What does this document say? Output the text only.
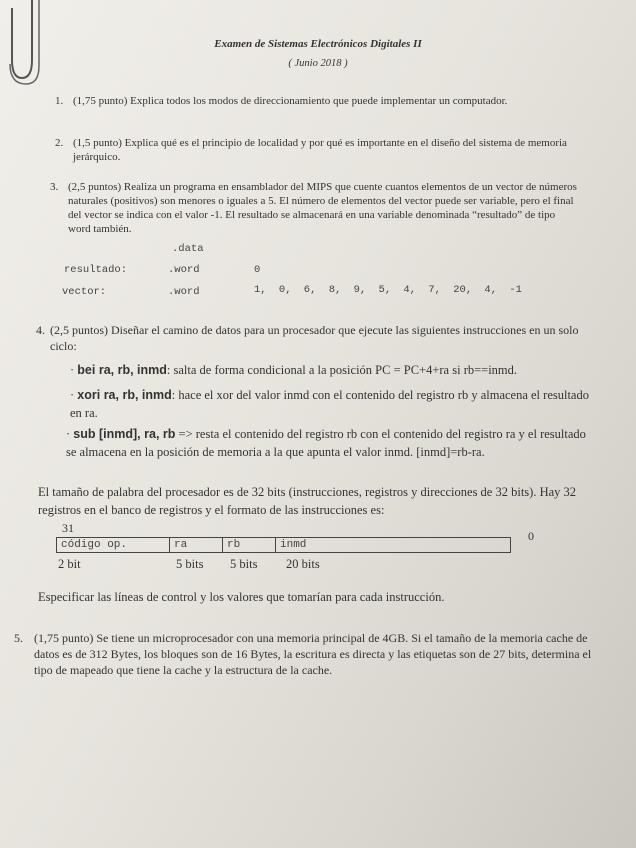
Examen de Sistemas Electrónicos Digitales II
( Junio 2018 )
1. (1,75 punto) Explica todos los modos de direccionamiento que puede implementar un computador.
2. (1,5 punto) Explica qué es el principio de localidad y por qué es importante en el diseño del sistema de memoria jerárquico.
3. (2,5 puntos) Realiza un programa en ensamblador del MIPS que cuente cuantos elementos de un vector de números naturales (positivos) son menores o iguales a 5. El número de elementos del vector puede ser variable, pero el final del vector se indica con el valor -1. El resultado se almacenará en una variable denominada “resultado” de tipo word también.
.data
resultado:	.word	0
vector:	.word	1, 0, 6, 8, 9, 5, 4, 7, 20, 4, -1
4. (2,5 puntos) Diseñar el camino de datos para un procesador que ejecute las siguientes instrucciones en un solo ciclo:
· bei ra, rb, inmd: salta de forma condicional a la posición PC = PC+4+ra si rb==inmd.
· xori ra, rb, inmd: hace el xor del valor inmd con el contenido del registro rb y almacena el resultado en ra.
· sub [inmd], ra, rb => resta el contenido del registro rb con el contenido del registro ra y el resultado se almacena en la posición de memoria a la que apunta el valor inmd. [inmd]=rb-ra.
El tamaño de palabra del procesador es de 32 bits (instrucciones, registros y direcciones de 32 bits). Hay 32 registros en el banco de registros y el formato de las instrucciones es:
31
0
código op.	ra	rb	inmd
2 bit	5 bits 5 bits 20 bits
Especificar las líneas de control y los valores que tomarían para cada instrucción.
5. (1,75 punto) Se tiene un microprocesador con una memoria principal de 4GB. Si el tamaño de la memoria cache de datos es de 312 Bytes, los bloques son de 16 Bytes, la escritura es directa y las etiquetas son de 27 bits, determina el tipo de mapeado que tiene la cache y la estructura de la cache.
